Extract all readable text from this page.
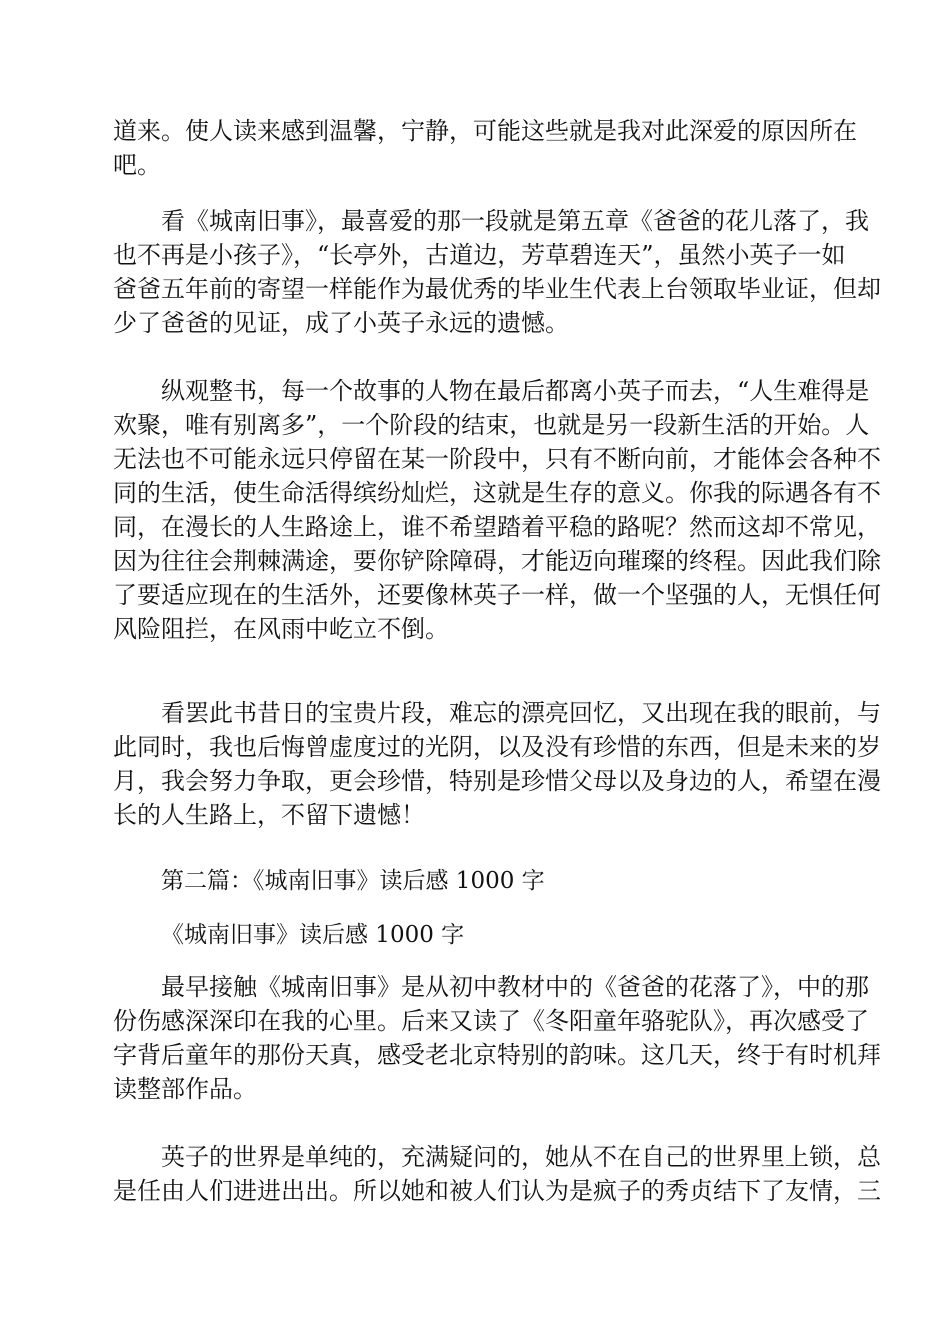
道来。使人读来感到温馨，宁静，可能这些就是我对此深爱的原因所在
吧。
　　看《城南旧事》，最喜爱的那一段就是第五章《爸爸的花儿落了，我
也不再是小孩子》，“长亭外，古道边，芳草碧连天”，虽然小英子一如
爸爸五年前的寄望一样能作为最优秀的毕业生代表上台领取毕业证，但却
少了爸爸的见证，成了小英子永远的遗憾。
　　纵观整书，每一个故事的人物在最后都离小英子而去，“人生难得是
欢聚，唯有别离多”，一个阶段的结束，也就是另一段新生活的开始。人
无法也不可能永远只停留在某一阶段中，只有不断向前，才能体会各种不
同的生活，使生命活得缤纷灿烂，这就是生存的意义。你我的际遇各有不
同，在漫长的人生路途上，谁不希望踏着平稳的路呢？然而这却不常见，
因为往往会荆棘满途，要你铲除障碍，才能迈向璀璨的终程。因此我们除
了要适应现在的生活外，还要像林英子一样，做一个坚强的人，无惧任何
风险阻拦，在风雨中屹立不倒。
　　看罢此书昔日的宝贵片段，难忘的漂亮回忆，又出现在我的眼前，与
此同时，我也后悔曾虚度过的光阴，以及没有珍惜的东西，但是未来的岁
月，我会努力争取，更会珍惜，特别是珍惜父母以及身边的人，希望在漫
长的人生路上，不留下遗憾！
第二篇：《城南旧事》读后感 1000 字
《城南旧事》读后感 1000 字
　　最早接触《城南旧事》是从初中教材中的《爸爸的花落了》，中的那
份伤感深深印在我的心里。后来又读了《冬阳童年骆驼队》，再次感受了
字背后童年的那份天真，感受老北京特别的韵味。这几天，终于有时机拜
读整部作品。
　　英子的世界是单纯的，充满疑问的，她从不在自己的世界里上锁，总
是任由人们进进出出。所以她和被人们认为是疯子的秀贞结下了友情，三
